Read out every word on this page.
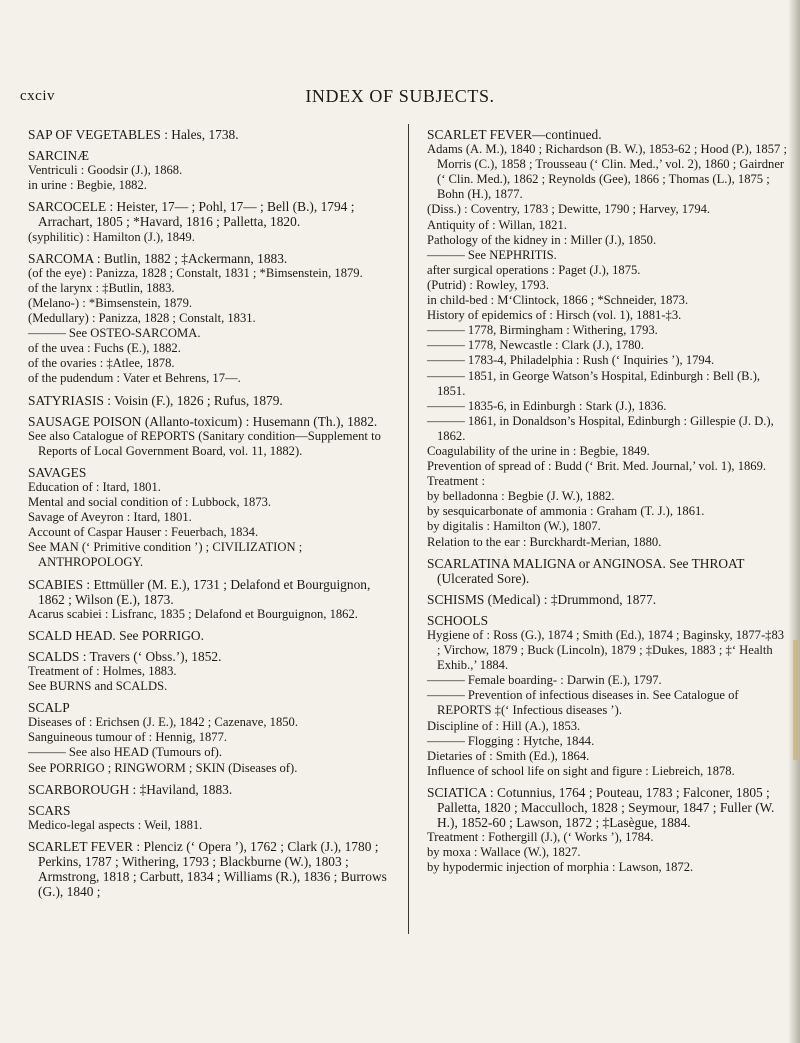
cxciv	INDEX OF SUBJECTS.

SAP OF VEGETABLES : Hales, 1738.

SARCINÆ

Ventriculi : Goodsir (J.), 1868.

in urine : Begbie, 1882.

SARCOCELE : Heister, 17— ; Pohl, 17— ; Bell (B.), 1794 ; Arrachart, 1805 ; *Havard, 1816 ; Palletta, 1820.

(syphilitic) : Hamilton (J.), 1849.

SARCOMA : Butlin, 1882 ; ‡Ackermann, 1883.

(of the eye) : Panizza, 1828 ; Constalt, 1831 ; *Bimsenstein, 1879.

of the larynx : ‡Butlin, 1883.

(Melano-) : *Bimsenstein, 1879.

(Medullary) : Panizza, 1828 ; Constalt, 1831.

——— See OSTEO-SARCOMA.

of the uvea : Fuchs (E.), 1882.

of the ovaries : ‡Atlee, 1878.

of the pudendum : Vater et Behrens, 17—.

SATYRIASIS : Voisin (F.), 1826 ; Rufus, 1879.

SAUSAGE POISON (Allanto-toxicum) : Husemann (Th.), 1882.

See also Catalogue of REPORTS (Sanitary condition—Supplement to Reports of Local Government Board, vol. 11, 1882).

SAVAGES

Education of : Itard, 1801.

Mental and social condition of : Lubbock, 1873.

Savage of Aveyron : Itard, 1801.

Account of Caspar Hauser : Feuerbach, 1834.

See MAN (‘ Primitive condition ’) ; CIVILIZATION ; ANTHROPOLOGY.

SCABIES : Ettmüller (M. E.), 1731 ; Delafond et Bourguignon, 1862 ; Wilson (E.), 1873.

Acarus scabiei : Lisfranc, 1835 ; Delafond et Bourguignon, 1862.

SCALD HEAD. See PORRIGO.

SCALDS : Travers (‘ Obss.’), 1852.

Treatment of : Holmes, 1883.

See BURNS and SCALDS.

SCALP

Diseases of : Erichsen (J. E.), 1842 ; Cazenave, 1850.

Sanguineous tumour of : Hennig, 1877.

——— See also HEAD (Tumours of).

See PORRIGO ; RINGWORM ; SKIN (Diseases of).

SCARBOROUGH : ‡Haviland, 1883.

SCARS

Medico-legal aspects : Weil, 1881.

SCARLET FEVER : Plenciz (‘ Opera ’), 1762 ; Clark (J.), 1780 ; Perkins, 1787 ; Withering, 1793 ; Blackburne (W.), 1803 ; Armstrong, 1818 ; Carbutt, 1834 ; Williams (R.), 1836 ; Burrows (G.), 1840 ;

SCARLET FEVER—continued.

Adams (A. M.), 1840 ; Richardson (B. W.), 1853-62 ; Hood (P.), 1857 ; Morris (C.), 1858 ; Trousseau (‘ Clin. Med.,’ vol. 2), 1860 ; Gairdner (‘ Clin. Med.), 1862 ; Reynolds (Gee), 1866 ; Thomas (L.), 1875 ; Bohn (H.), 1877.

(Diss.) : Coventry, 1783 ; Dewitte, 1790 ; Harvey, 1794.

Antiquity of : Willan, 1821.

Pathology of the kidney in : Miller (J.), 1850.

——— See NEPHRITIS.

after surgical operations : Paget (J.), 1875.

(Putrid) : Rowley, 1793.

in child-bed : M‘Clintock, 1866 ; *Schneider, 1873.

History of epidemics of : Hirsch (vol. 1), 1881-‡3.

——— 1778, Birmingham : Withering, 1793.

——— 1778, Newcastle : Clark (J.), 1780.

——— 1783-4, Philadelphia : Rush (‘ Inquiries ’), 1794.

——— 1851, in George Watson’s Hospital, Edinburgh : Bell (B.), 1851.

——— 1835-6, in Edinburgh : Stark (J.), 1836.

——— 1861, in Donaldson’s Hospital, Edinburgh : Gillespie (J. D.), 1862.

Coagulability of the urine in : Begbie, 1849.

Prevention of spread of : Budd (‘ Brit. Med. Journal,’ vol. 1), 1869.

Treatment :

by belladonna : Begbie (J. W.), 1882.

by sesquicarbonate of ammonia : Graham (T. J.), 1861.

by digitalis : Hamilton (W.), 1807.

Relation to the ear : Burckhardt-Merian, 1880.

SCARLATINA MALIGNA or ANGINOSA. See THROAT (Ulcerated Sore).

SCHISMS (Medical) : ‡Drummond, 1877.

SCHOOLS

Hygiene of : Ross (G.), 1874 ; Smith (Ed.), 1874 ; Baginsky, 1877-‡83 ; Virchow, 1879 ; Buck (Lincoln), 1879 ; ‡Dukes, 1883 ; ‡‘ Health Exhib.,’ 1884.

——— Female boarding- : Darwin (E.), 1797.

——— Prevention of infectious diseases in. See Catalogue of REPORTS ‡(‘ Infectious diseases ’).

Discipline of : Hill (A.), 1853.

——— Flogging : Hytche, 1844.

Dietaries of : Smith (Ed.), 1864.

Influence of school life on sight and figure : Liebreich, 1878.

SCIATICA : Cotunnius, 1764 ; Pouteau, 1783 ; Falconer, 1805 ; Palletta, 1820 ; Macculloch, 1828 ; Seymour, 1847 ; Fuller (W. H.), 1852-60 ; Lawson, 1872 ; ‡Lasègue, 1884.

Treatment : Fothergill (J.), (‘ Works ’), 1784.

by moxa : Wallace (W.), 1827.

by hypodermic injection of morphia : Lawson, 1872.
